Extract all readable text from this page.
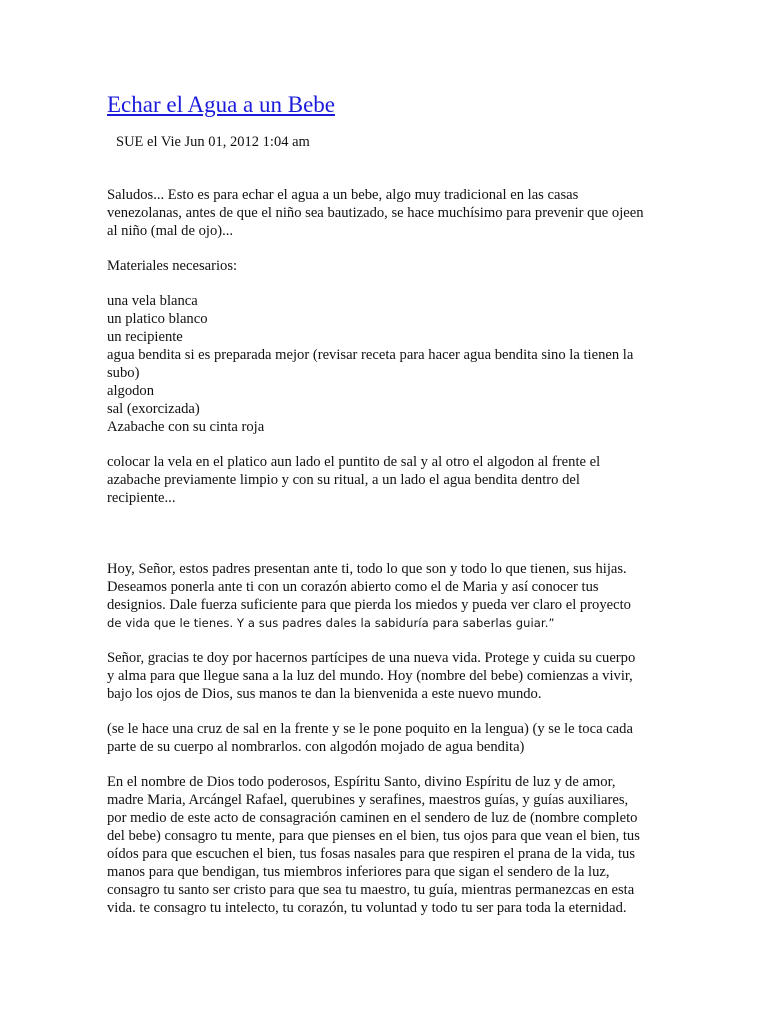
Echar el Agua a un Bebe
SUE el Vie Jun 01, 2012 1:04 am

Saludos... Esto es para echar el agua a un bebe, algo muy tradicional en las casas

venezolanas, antes de que el niño sea bautizado, se hace muchísimo para prevenir que ojeen

al niño (mal de ojo)...

Materiales necesarios:

una vela blanca

un platico blanco

un recipiente

agua bendita si es preparada mejor (revisar receta para hacer agua bendita sino la tienen la

subo)

algodon

sal (exorcizada)

Azabache con su cinta roja

colocar la vela en el platico aun lado el puntito de sal y al otro el algodon al frente el

azabache previamente limpio y con su ritual, a un lado el agua bendita dentro del

recipiente...

Hoy, Señor, estos padres presentan ante ti, todo lo que son y todo lo que tienen, sus hijas.

Deseamos ponerla ante ti con un corazón abierto como el de Maria y así conocer tus

designios. Dale fuerza suficiente para que pierda los miedos y pueda ver claro el proyecto

de vida que le tienes. Y a sus padres dales la sabiduría para saberlas guiar.”

Señor, gracias te doy por hacernos partícipes de una nueva vida. Protege y cuida su cuerpo

y alma para que llegue sana a la luz del mundo. Hoy (nombre del bebe) comienzas a vivir,

bajo los ojos de Dios, sus manos te dan la bienvenida a este nuevo mundo.

(se le hace una cruz de sal en la frente y se le pone poquito en la lengua) (y se le toca cada

parte de su cuerpo al nombrarlos. con algodón mojado de agua bendita)

En el nombre de Dios todo poderosos, Espíritu Santo, divino Espíritu de luz y de amor,

madre Maria, Arcángel Rafael, querubines y serafines, maestros guías, y guías auxiliares,

por medio de este acto de consagración caminen en el sendero de luz de (nombre completo

del bebe) consagro tu mente, para que pienses en el bien, tus ojos para que vean el bien, tus

oídos para que escuchen el bien, tus fosas nasales para que respiren el prana de la vida, tus

manos para que bendigan, tus miembros inferiores para que sigan el sendero de la luz,

consagro tu santo ser cristo para que sea tu maestro, tu guía, mientras permanezcas en esta

vida. te consagro tu intelecto, tu corazón, tu voluntad y todo tu ser para toda la eternidad.
